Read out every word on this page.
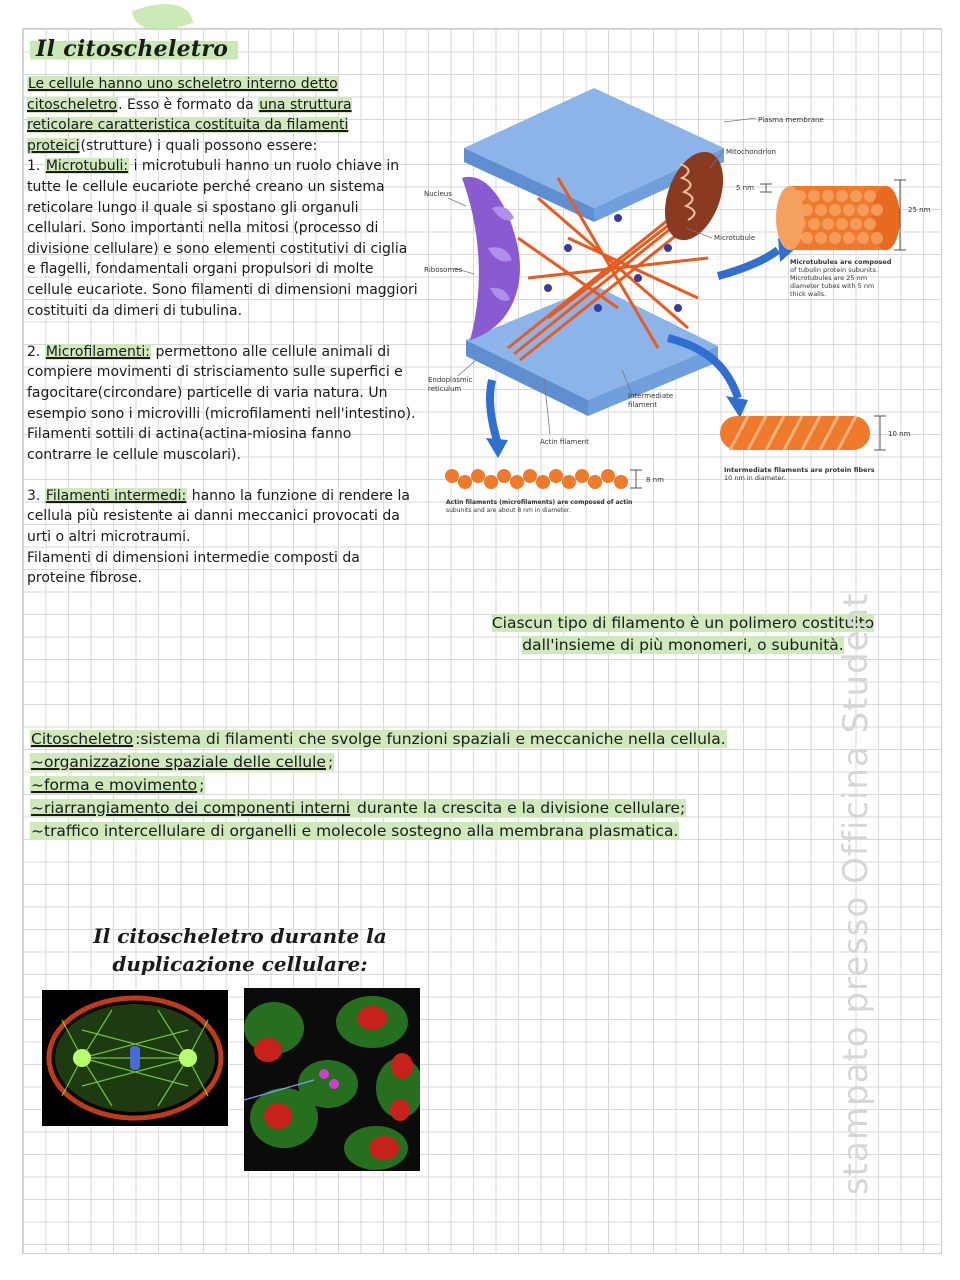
Il citoscheletro

Le cellule hanno uno scheletro interno detto citoscheletro. Esso è formato da una struttura reticolare caratteristica costituita da filamenti proteici(strutture) i quali possono essere:

1. Microtubuli: i microtubuli hanno un ruolo chiave in tutte le cellule eucariote perché creano un sistema reticolare lungo il quale si spostano gli organuli cellulari. Sono importanti nella mitosi (processo di divisione cellulare) e sono elementi costitutivi di ciglia e flagelli, fondamentali organi propulsori di molte cellule eucariote. Sono filamenti di dimensioni maggiori costituiti da dimeri di tubulina.

2. Microfilamenti: permettono alle cellule animali di compiere movimenti di strisciamento sulle superfici e fagocitare(circondare) particelle di varia natura. Un esempio sono i microvilli (microfilamenti nell'intestino).

Filamenti sottili di actina(actina-miosina fanno contrarre le cellule muscolari).

3. Filamenti intermedi: hanno la funzione di rendere la cellula più resistente ai danni meccanici provocati da urti o altri microtraumi.

Filamenti di dimensioni intermedie composti da proteine fibrose.

Plasma membrane
Mitochondrion
Nucleus
Microtubule
Ribosomes
Endoplasmic
reticulum
Intermediate
filament
Actin filament
5 nm
25 nm
Microtubules are composed
of tubulin protein subunits.
Microtubules are 25 nm
diameter tubes with 5 nm
thick walls.
10 nm
Intermediate filaments are protein fibers
10 nm in diameter.
8 nm
Actin filaments (microfilaments) are composed of actin
subunits and are about 8 nm in diameter.

Ciascun tipo di filamento è un polimero costituito dall'insieme di più monomeri, o subunità.

Citoscheletro :sistema di filamenti che svolge funzioni spaziali e meccaniche nella cellula.

~organizzazione spaziale delle cellule ;

~forma e movimento ;

~riarrangiamento dei componenti interni durante la crescita e la divisione cellulare;

~traffico intercellulare di organelli e molecole sostegno alla membrana plasmatica.

Il citoscheletro durante la
duplicazione cellulare:	stampato presso Officina Student
